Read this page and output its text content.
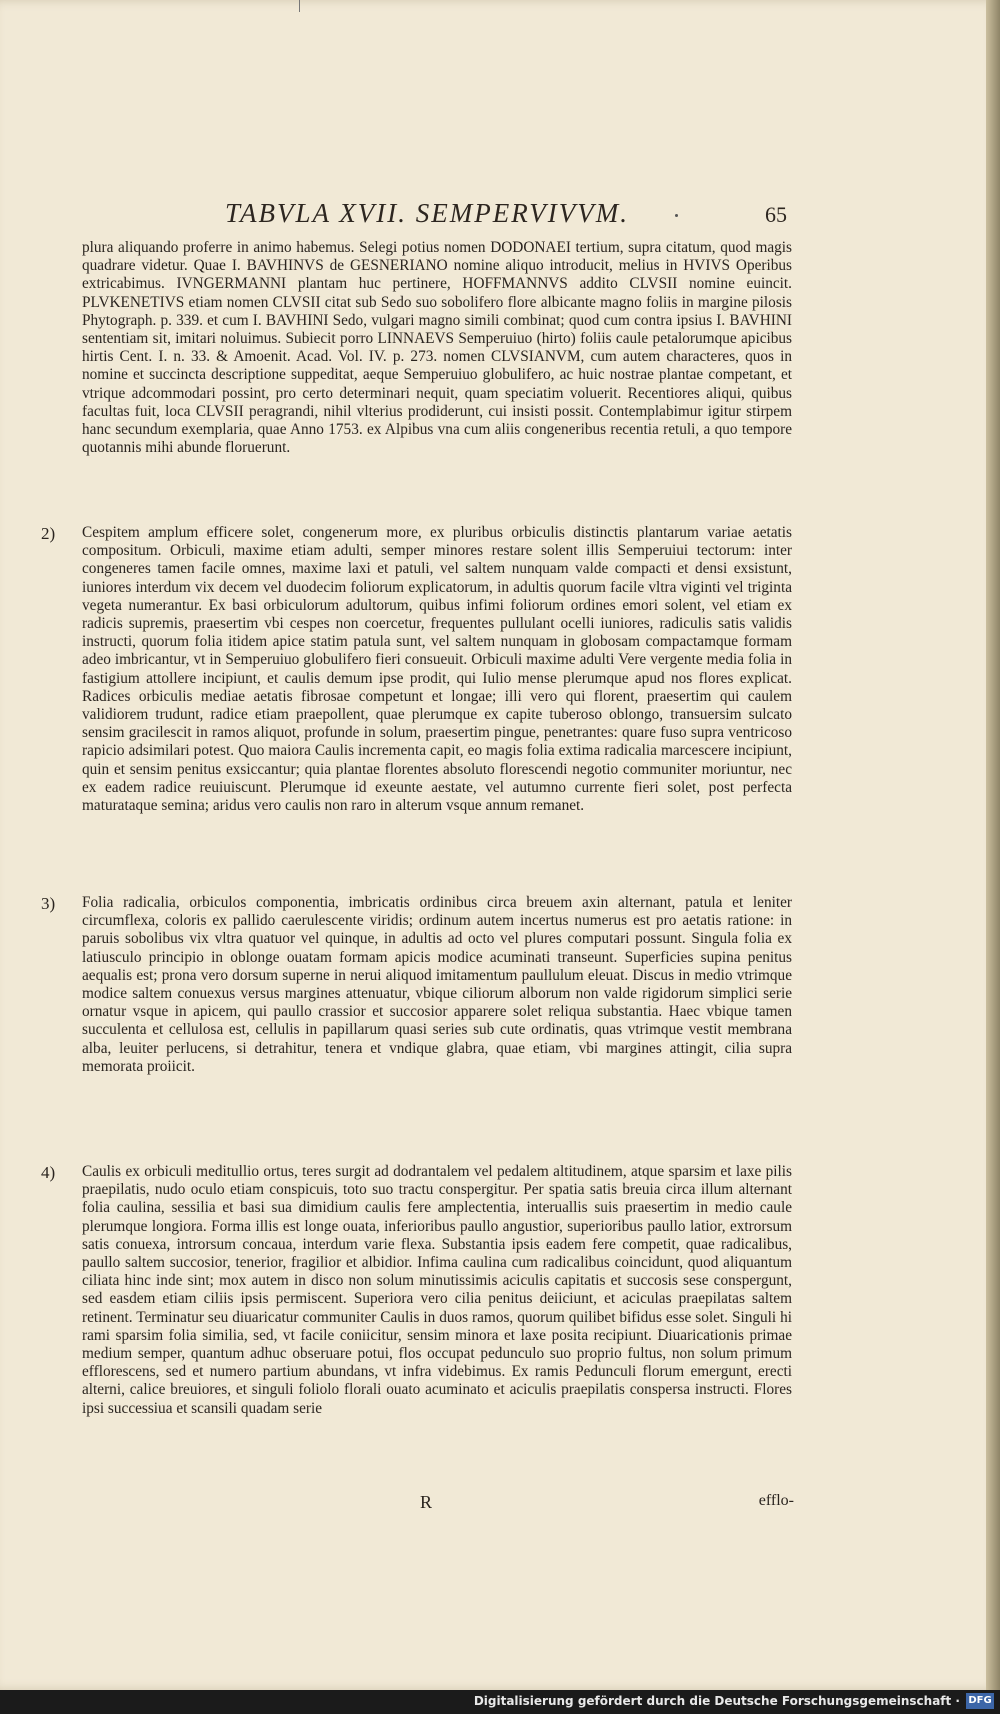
TABVLA XVII. SEMPERVIVVM.	65
plura aliquando proferre in animo habemus. Selegi potius nomen DODONAEI tertium, supra citatum, quod magis quadrare videtur. Quae I. BAVHINVS de GESNERIANO nomine aliquo introducit, melius in HVIVS Operibus extricabimus. IVNGERMANNI plantam huc pertinere, HOFFMANNVS addito CLVSII nomine euincit. PLVKENETIVS etiam nomen CLVSII citat sub Sedo suo sobolifero flore albicante magno foliis in margine pilosis Phytograph. p. 339. et cum I. BAVHINI Sedo, vulgari magno simili combinat; quod cum contra ipsius I. BAVHINI sententiam sit, imitari noluimus. Subiecit porro LINNAEVS Semperuiuo (hirto) foliis caule petalorumque apicibus hirtis Cent. I. n. 33. & Amoenit. Acad. Vol. IV. p. 273. nomen CLVSIANVM, cum autem characteres, quos in nomine et succincta descriptione suppeditat, aeque Semperuiuo globulifero, ac huic nostrae plantae competant, et vtrique adcommodari possint, pro certo determinari nequit, quam speciatim voluerit. Recentiores aliqui, quibus facultas fuit, loca CLVSII peragrandi, nihil vlterius prodiderunt, cui insisti possit. Contemplabimur igitur stirpem hanc secundum exemplaria, quae Anno 1753. ex Alpibus vna cum aliis congeneribus recentia retuli, a quo tempore quotannis mihi abunde floruerunt.
2) Cespitem amplum efficere solet, congenerum more, ex pluribus orbiculis distinctis plantarum variae aetatis compositum. Orbiculi, maxime etiam adulti, semper minores restare solent illis Semperuiui tectorum: inter congeneres tamen facile omnes, maxime laxi et patuli, vel saltem nunquam valde compacti et densi exsistunt, iuniores interdum vix decem vel duodecim foliorum explicatorum, in adultis quorum facile vltra viginti vel triginta vegeta numerantur. Ex basi orbiculorum adultorum, quibus infimi foliorum ordines emori solent, vel etiam ex radicis supremis, praesertim vbi cespes non coercetur, frequentes pullulant ocelli iuniores, radiculis satis validis instructi, quorum folia itidem apice statim patula sunt, vel saltem nunquam in globosam compactamque formam adeo imbricantur, vt in Semperuiuo globulifero fieri consueuit. Orbiculi maxime adulti Vere vergente media folia in fastigium attollere incipiunt, et caulis demum ipse prodit, qui Iulio mense plerumque apud nos flores explicat. Radices orbiculis mediae aetatis fibrosae competunt et longae; illi vero qui florent, praesertim qui caulem validiorem trudunt, radice etiam praepollent, quae plerumque ex capite tuberoso oblongo, transuersim sulcato sensim gracilescit in ramos aliquot, profunde in solum, praesertim pingue, penetrantes: quare fuso supra ventricoso rapicio adsimilari potest. Quo maiora Caulis incrementa capit, eo magis folia extima radicalia marcescere incipiunt, quin et sensim penitus exsiccantur; quia plantae florentes absoluto florescendi negotio communiter moriuntur, nec ex eadem radice reuiuiscunt. Plerumque id exeunte aestate, vel autumno currente fieri solet, post perfecta maturataque semina; aridus vero caulis non raro in alterum vsque annum remanet.
3) Folia radicalia, orbiculos componentia, imbricatis ordinibus circa breuem axin alternant, patula et leniter circumflexa, coloris ex pallido caerulescente viridis; ordinum autem incertus numerus est pro aetatis ratione: in paruis sobolibus vix vltra quatuor vel quinque, in adultis ad octo vel plures computari possunt. Singula folia ex latiusculo principio in oblonge ouatam formam apicis modice acuminati transeunt. Superficies supina penitus aequalis est; prona vero dorsum superne in nerui aliquod imitamentum paullulum eleuat. Discus in medio vtrimque modice saltem conuexus versus margines attenuatur, vbique ciliorum alborum non valde rigidorum simplici serie ornatur vsque in apicem, qui paullo crassior et succosior apparere solet reliqua substantia. Haec vbique tamen succulenta et cellulosa est, cellulis in papillarum quasi series sub cute ordinatis, quas vtrimque vestit membrana alba, leuiter perlucens, si detrahitur, tenera et vndique glabra, quae etiam, vbi margines attingit, cilia supra memorata proiicit.
4) Caulis ex orbiculi meditullio ortus, teres surgit ad dodrantalem vel pedalem altitudinem, atque sparsim et laxe pilis praepilatis, nudo oculo etiam conspicuis, toto suo tractu conspergitur. Per spatia satis breuia circa illum alternant folia caulina, sessilia et basi sua dimidium caulis fere amplectentia, interuallis suis praesertim in medio caule plerumque longiora. Forma illis est longe ouata, inferioribus paullo angustior, superioribus paullo latior, extrorsum satis conuexa, introrsum concaua, interdum varie flexa. Substantia ipsis eadem fere competit, quae radicalibus, paullo saltem succosior, tenerior, fragilior et albidior. Infima caulina cum radicalibus coincidunt, quod aliquantum ciliata hinc inde sint; mox autem in disco non solum minutissimis aciculis capitatis et succosis sese conspergunt, sed easdem etiam ciliis ipsis permiscent. Superiora vero cilia penitus deiiciunt, et aciculas praepilatas saltem retinent. Terminatur seu diuaricatur communiter Caulis in duos ramos, quorum quilibet bifidus esse solet. Singuli hi rami sparsim folia similia, sed, vt facile coniicitur, sensim minora et laxe posita recipiunt. Diuaricationis primae medium semper, quantum adhuc obseruare potui, flos occupat pedunculo suo proprio fultus, non solum primum efflorescens, sed et numero partium abundans, vt infra videbimus. Ex ramis Pedunculi florum emergunt, erecti alterni, calice breuiores, et singuli foliolo florali ouato acuminato et aciculis praepilatis conspersa instructi. Flores ipsi successiua et scansili quadam serie
R	efflo-
Digitalisierung gefördert durch die Deutsche Forschungsgemeinschaft · DFG
